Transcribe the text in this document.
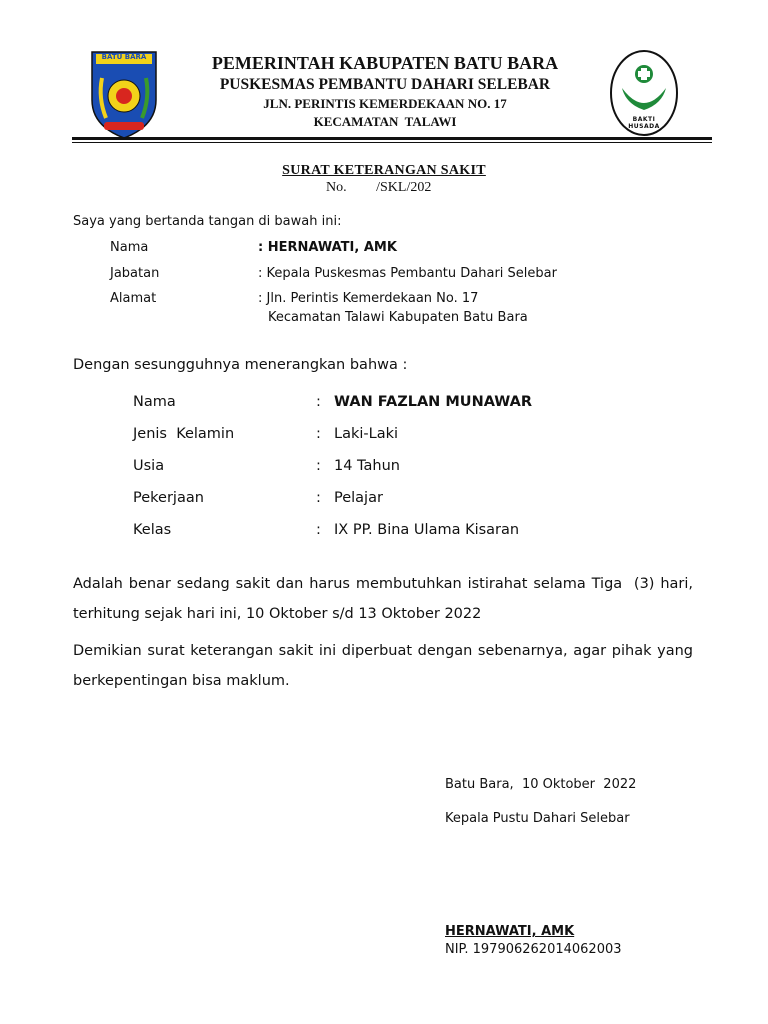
BATU BARA
BAKTI HUSADA
PEMERINTAH KABUPATEN BATU BARA
PUSKESMAS PEMBANTU DAHARI SELEBAR
JLN. PERINTIS KEMERDEKAAN NO. 17
KECAMATAN  TALAWI
SURAT KETERANGAN SAKIT
No. /SKL/202
Saya yang bertanda tangan di bawah ini:
Nama	: HERNAWATI, AMK
Jabatan	: Kepala Puskesmas Pembantu Dahari Selebar
Alamat	: Jln. Perintis Kemerdekaan No. 17
Kecamatan Talawi Kabupaten Batu Bara
Dengan sesungguhnya menerangkan bahwa :
Nama	: WAN FAZLAN MUNAWAR
Jenis  Kelamin	: Laki-Laki
Usia	: 14 Tahun
Pekerjaan	: Pelajar
Kelas	: IX PP. Bina Ulama Kisaran
Adalah benar sedang sakit dan harus membutuhkan istirahat selama Tiga  (3) hari,
terhitung sejak hari ini, 10 Oktober s/d 13 Oktober 2022
Demikian surat keterangan sakit ini diperbuat dengan sebenarnya, agar pihak yang
berkepentingan bisa maklum.
Batu Bara,  10 Oktober  2022
Kepala Pustu Dahari Selebar
HERNAWATI, AMK
NIP. 197906262014062003
